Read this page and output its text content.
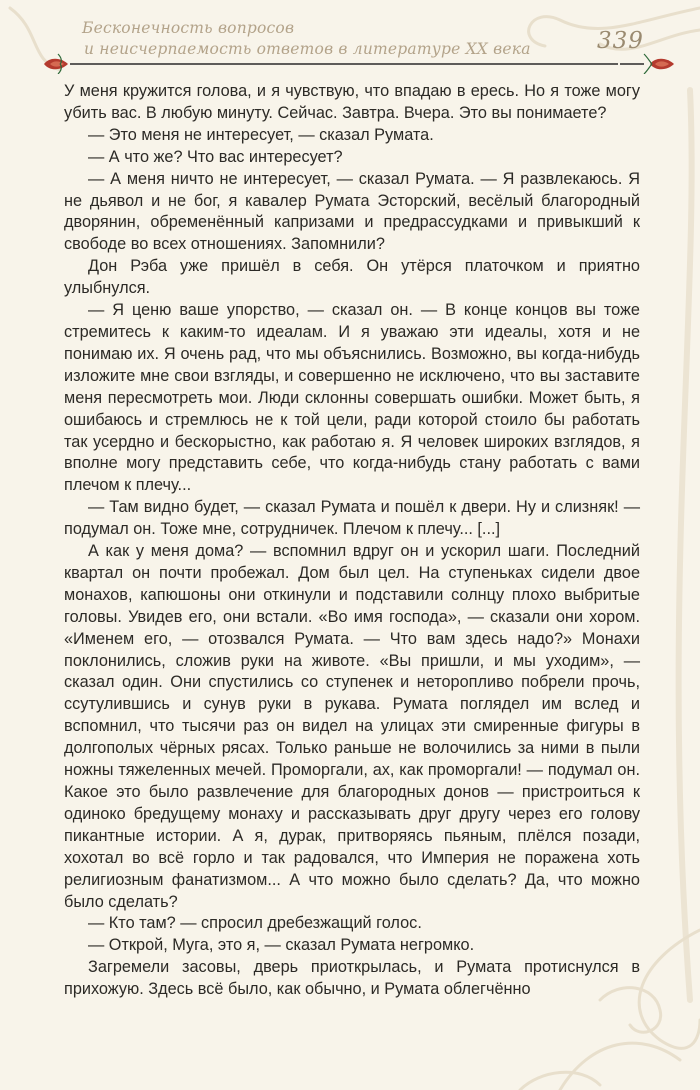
Бесконечность вопросов
и неисчерпаемость ответов в литературе XX века	339

У меня кружится голова, и я чувствую, что впадаю в ересь. Но я тоже могу убить вас. В любую минуту. Сейчас. Завтра. Вчера. Это вы понимаете?

— Это меня не интересует, — сказал Румата.

— А что же? Что вас интересует?

— А меня ничто не интересует, — сказал Румата. — Я развлекаюсь. Я не дьявол и не бог, я кавалер Румата Эсторский, весёлый благородный дворянин, обременённый капризами и предрассудками и привыкший к свободе во всех отношениях. Запомнили?

Дон Рэба уже пришёл в себя. Он утёрся платочком и приятно улыбнулся.

— Я ценю ваше упорство, — сказал он. — В конце концов вы тоже стремитесь к каким-то идеалам. И я уважаю эти идеалы, хотя и не понимаю их. Я очень рад, что мы объяснились. Возможно, вы когда-нибудь изложите мне свои взгляды, и совершенно не исключено, что вы заставите меня пересмотреть мои. Люди склонны совершать ошибки. Может быть, я ошибаюсь и стремлюсь не к той цели, ради которой стоило бы работать так усердно и бескорыстно, как работаю я. Я человек широких взглядов, я вполне могу представить себе, что когда-нибудь стану работать с вами плечом к плечу...

— Там видно будет, — сказал Румата и пошёл к двери. Ну и слизняк! — подумал он. Тоже мне, сотрудничек. Плечом к плечу... [...]

А как у меня дома? — вспомнил вдруг он и ускорил шаги. Последний квартал он почти пробежал. Дом был цел. На ступеньках сидели двое монахов, капюшоны они откинули и подставили солнцу плохо выбритые головы. Увидев его, они встали. «Во имя господа», — сказали они хором. «Именем его, — отозвался Румата. — Что вам здесь надо?» Монахи поклонились, сложив руки на животе. «Вы пришли, и мы уходим», — сказал один. Они спустились со ступенек и неторопливо побрели прочь, ссутулившись и сунув руки в рукава. Румата поглядел им вслед и вспомнил, что тысячи раз он видел на улицах эти смиренные фигуры в долгополых чёрных рясах. Только раньше не волочились за ними в пыли ножны тяжеленных мечей. Проморгали, ах, как проморгали! — подумал он. Какое это было развлечение для благородных донов — пристроиться к одиноко бредущему монаху и рассказывать друг другу через его голову пикантные истории. А я, дурак, притворяясь пьяным, плёлся позади, хохотал во всё горло и так радовался, что Империя не поражена хоть религиозным фанатизмом... А что можно было сделать? Да, что можно было сделать?

— Кто там? — спросил дребезжащий голос.

— Открой, Муга, это я, — сказал Румата негромко.

Загремели засовы, дверь приоткрылась, и Румата протиснулся в прихожую. Здесь всё было, как обычно, и Румата облегчённо
